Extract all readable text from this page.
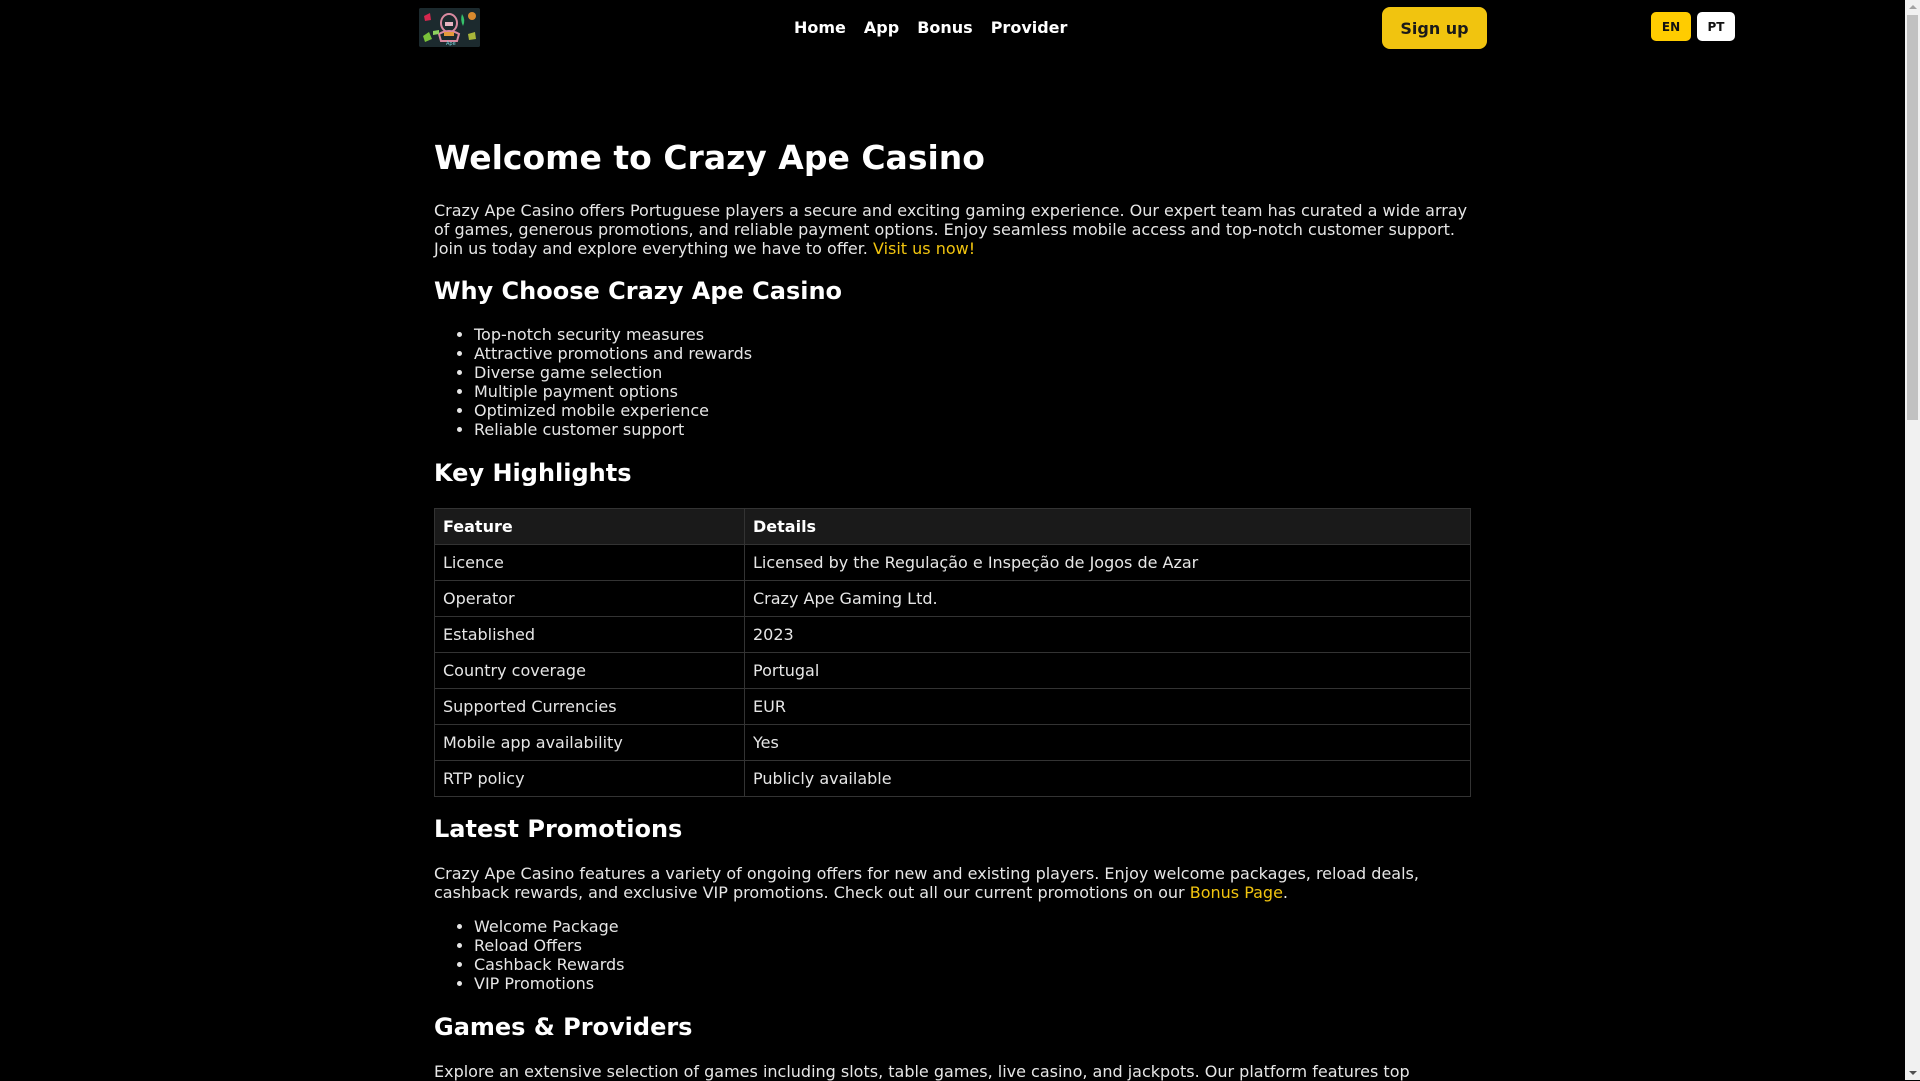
Ape
Home App Bonus Provider	Sign up	EN	PT
Welcome to Crazy Ape Casino

Crazy Ape Casino offers Portuguese players a secure and exciting gaming experience. Our expert team has curated a wide array of games, generous promotions, and reliable payment options. Enjoy seamless mobile access and top-notch customer support. Join us today and explore everything we have to offer. Visit us now!

Why Choose Crazy Ape Casino
• Top-notch security measures
• Attractive promotions and rewards
• Diverse game selection
• Multiple payment options
• Optimized mobile experience
• Reliable customer support
Key Highlights
Feature	Details
Licence	Licensed by the Regulação e Inspeção de Jogos de Azar
Operator	Crazy Ape Gaming Ltd.
Established	2023
Country coverage	Portugal
Supported Currencies	EUR
Mobile app availability	Yes
RTP policy	Publicly available
Latest Promotions

Crazy Ape Casino features a variety of ongoing offers for new and existing players. Enjoy welcome packages, reload deals, cashback rewards, and exclusive VIP promotions. Check out all our current promotions on our Bonus Page.

• Welcome Package
• Reload Offers
• Cashback Rewards
• VIP Promotions
Games & Providers

Explore an extensive selection of games including slots, table games, live casino, and jackpots. Our platform features top
